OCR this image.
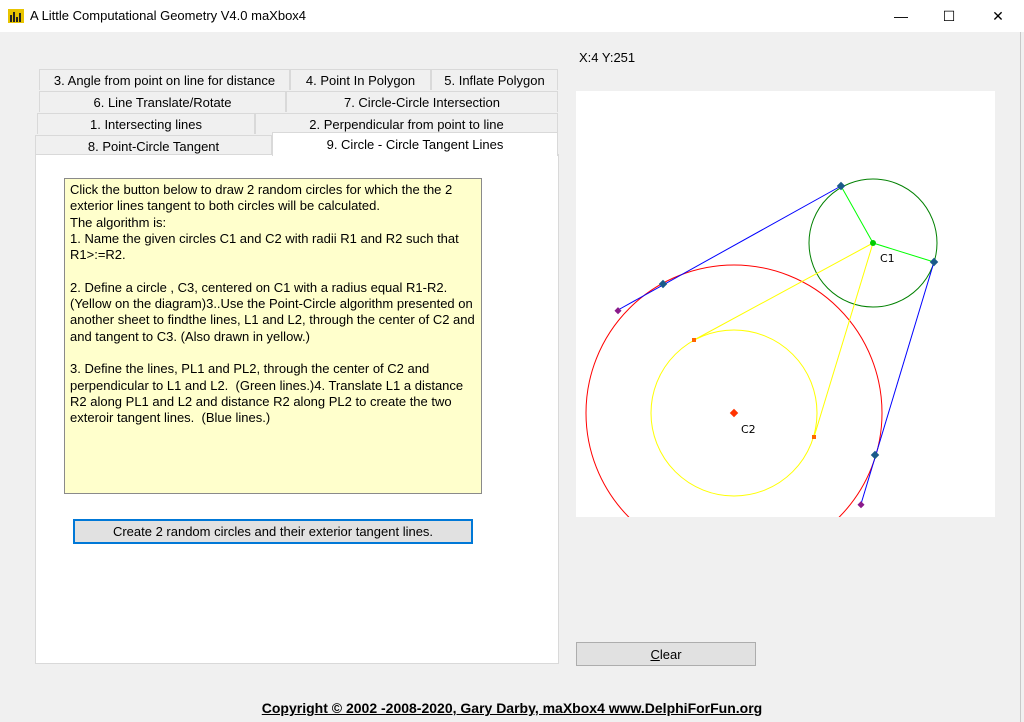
A Little Computational Geometry V4.0 maXbox4	— ☐	✕
X:4 Y:251
3. Angle from point on line for distance	4. Point In Polygon	5. Inflate Polygon
6. Line Translate/Rotate	7. Circle-Circle Intersection
1. Intersecting lines	2. Perpendicular from point to line
8. Point-Circle Tangent	9. Circle - Circle Tangent Lines
Click the button below to draw 2 random circles for which the the 2 exterior lines tangent to both circles will be calculated.
The algorithm is:
1. Name the given circles C1 and C2 with radii R1 and R2 such that R1>:=R2.

2. Define a circle , C3, centered on C1 with a radius equal R1-R2. (Yellow on the diagram)3..Use the Point-Circle algorithm presented on another sheet to findthe lines, L1 and L2, through the center of C2 and and tangent to C3. (Also drawn in yellow.)

3. Define the lines, PL1 and PL2, through the center of C2 and perpendicular to L1 and L2.  (Green lines.)4. Translate L1 a distance R2 along PL1 and L2 and distance R2 along PL2 to create the two exteroir tangent lines.  (Blue lines.)
Create 2 random circles and their exterior tangent lines.
C1
C2
C lear
Copyright © 2002 -2008-2020, Gary Darby, maXbox4 www.DelphiForFun.org
